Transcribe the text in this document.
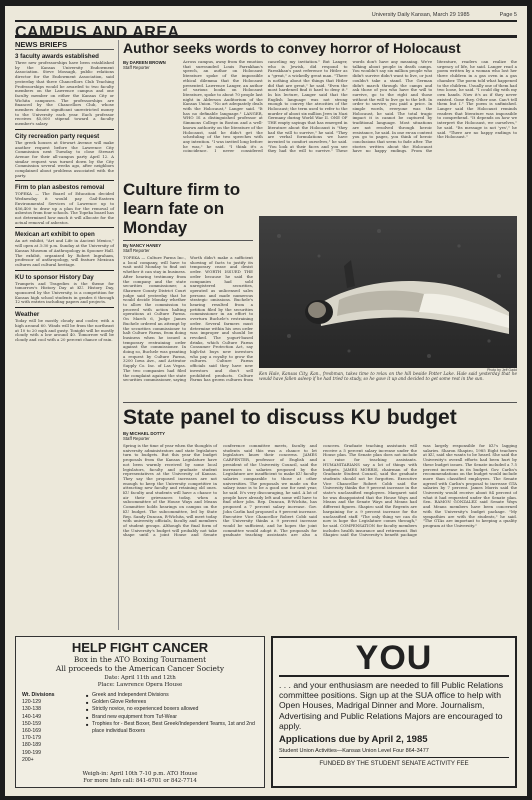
University Daily Kansan, March 29 1985	Page 5
CAMPUS AND AREA
NEWS BRIEFS
3 faculty awards established
Three new professorships have been established by the Kansas University Endowment Association. Steve Mossagh, public relations director for the Endowment Association, said yesterday that three Chancellors Club Teaching Professorships would be awarded to two faculty members on the Lawrence campus and one faculty member on either the Kansas City or Wichita campuses. The professorships are financed by the Chancellors Club, whose members donate significant unrestricted money to the University each year. Each professor receives $5,000 stipend toward a faculty member's salary.
City recreation party request
The greek houses at Stewart Avenue will make another request before the Lawrence City Commission next Tuesday to close Stewart Avenue for their all-campus party April 12. A similar request was turned down by the City Commission several weeks ago, after neighbors complained about problems associated with the party.
Firm to plan asbestos removal
TOPEKA — The Board of Education decided Wednesday it would pay Gail-Eastern Environmental Services of Lawrence up to $56,400 to draw up a plan for the removal of asbestos from four schools. The Topeka board has not determined how much it will allocate for the actual removal of asbestos.
Mexican art exhibit to open
An art exhibit, "Art and Life in Ancient Mexico," will open at 3:30 p.m. Sunday at the University of Kansas Museum of Anthropology in Spooner Hall. The exhibit, organized by Robert Ingraham, professor of anthropology, will feature Mexican cultures and cultural heritage.
KU to sponsor History Day
Trumpets and Tragedies is the theme for tomorrow's History Day at KU. History Day, sponsored by the University, is a competition for Kansas high school students in grades 6 through 12 with entries including papers and projects.
Weather
Today will be mostly cloudy and cooler, with a high around 60. Winds will be from the northeast at 10 to 20 mph and gusty. Tonight will be mostly cloudy with a low around 40. Tomorrow will be cloudy and cool with a 20 percent chance of rain.
Author seeks words to convey horror of Holocaust
By DAREEN BROWN
Staff Reporter
Across campus, away from the emotion that surrounded Louis Farrakhan's speech, an author on Holocaust literature spoke of the impossible ethical dilemma that the Holocaust presented. Lawrence Langer, an author of various books on Holocaust literature, spoke to about 70 people last night in Alderson Auditorium of the Kansas Union. "No art adequately deals with the Holocaust," Langer said. "It has no definable language." LANGER, WHO IS a distinguished professor at Simmons College in Boston and a well-known authority on the literature of the Holocaust, said he didn't get the scheduling of the two speeches with any intention. "I was invited long before he was," he said. "I think it's a coincidence. I never considered canceling my invitation." But Langer, who is Jewish, did respond to Farrakhan's past reference to Hitler as a "great," a wickedly great man. "There is nothing about the things that Hitler did that are great," he said. "Even the most hardened find it hard to deny it." In his lecture, Langer said that the English language was not strong enough to convey the atrocities of the Holocaust; the term used to refer to the murder of about six million Jews in Nazi Germany during World War II. ONE OF THE empty sayings that has emerged in literature about the Holocaust is "they had the will to survive," he said. "They are verbal formulations we have invented to comfort ourselves," he said. "You look at their faces and you see they had the will to survive." These words don't have any meaning. We're talking about people in death camps. You wouldn't say six million people who didn't survive didn't want to live, or just couldn't take a stand. The German didn't march through the camps and ask those of you who have the will to survive, go to the right and those without the will to live go to the left. In order to survive, you paid a price. In simple words, everyone was the Holocaust, he said. The total tragic impact it is cannot be captured by traditional language. Most situations are not resolved through heroic resistance, he said. In one ex-an content you go to pages, you think of heroic conclusions that seem to fade after. The stories written about the Holocaust have no happy endings. From the literature, readers can realize the urgency of life, he said. Langer read a poem written by a woman who lost her three children in a gas oven in a gas chamber. The poem told what happened to the children. Usually one of them had two loose, he said. "I could dig with my own hands. Now it's as if they never existed. Gone they. Other one. Can't tell them but I." The poem is unfinished. Langer said the Holocaust reminds readers that literature was impossible to comprehend. "It depends on how we interpret the Holocaust, we ourselves," he said. "Its message is not 'yes'," he said. "There are no happy endings to the Holocaust."
Culture firm to learn fate on Monday
By NANCY HANEY
Staff Reporter
TOPEKA — Culture Farms Inc., a local company, will have to wait until Monday to find out whether it can stay in business. After hearing testimony from the company and the state securities commissioner, a Shawnee County District Court judge said yesterday that he would decide Monday whether to allow the commission to proceed with action halting operations at Culture Farms. On March 6, Judge James Buchele ordered an attempt by the securities commissioner to halt Culture Farms, from doing business when he issued a temporary restraining order against the commissioner. In doing so, Buchele was granting a request by Culture Farms, 3200 Iowa Ave., and Activator Supply Co. Inc. of Las Vegas. The two companies had filed the complaint against the state securities commissioner, saying Worth didn't make a sufficient showing of facts to justify its temporary cease and desist order. WORTH ISSUED THE order because he said the companies had sold unregistered securities, operated as unlicensed sales persons and made numerous strategic omissions. Buchele's hearing resulted from a petition filed by the securities commissioner in an effort to overturn Buchele's restraining order. Several farmers must determine within his own order was improper and should be revoked. The yogurt-based drinks, which Culture Farms Consumer Protection Act, say high-fat buys new investors who pay a royalty to grow the cultures. Culture Farms officials said they have new investors and don't sell prohibited products. Culture Farms has grown cultures from
Photo by Jeff Gadd
Ken Hale, Kansas City, Kan., freshman, takes time to relax on the hill beside Potter Lake. Hale said yesterday that he would have fallen asleep if he had tried to study, so he gave it up and decided to get some rest in the sun.
State panel to discuss KU budget
By MICHAEL DOTTY
Staff Reporter
Spring is the time of year when the thoughts of university administrators and state legislators turn to budgets. But this year the budget proposals from the Kansas Legislature have not been warmly received by some local legislators, faculty and graduate student representatives at the University of Kansas. They say the proposed increases are not enough to keep the University competitive in attracting new faculty and retaining old ones. KU faculty and students will have a chance to air their grievances today, when a subcommittee of the House Ways and Means Committee holds hearings on campus on the KU budget. The subcommittee, led by State Rep. Sandy Duncan, R-Wichita, will meet today with university officials, faculty and members of student groups. Although the final form of the University's budget will probably not take shape until a joint House and Senate conference committee meets, faculty and students said this was a chance to let legislators know their concerns. JAMES CARPENTER, professor of English and president of the University Council, said the increases in salaries proposed by the Legislature are insufficient to make KU faculty salaries comparable to those at other universities. The proposals we made on the salary issue is to be a good one for next year, he said. It's very discouraging, he said. A lot of people have already left and some will have to find other jobs. Rep. Duncan, R-Wichita, has proposed a 7 percent salary increase. Gov. John Carlin had proposed a 9 percent increase. Executive Vice Chancellor Robert Cobb said the University thinks a 9 percent increase would be sufficient, and he hopes the joint committee would adopt it. The proposals for graduate teaching assistants are also a concern. Graduate teaching assistants will receive a 5 percent salary increase under the House plan. The Senate plan does not include a raise for teaching assistants. HUMANITARIANS say a lot of things with budgets. JAMES MORRIS, chairman of the Graduate Student Council, said the graduate students should not be forgotten. Executive Vice Chancellor Robert Cobb said the University thinks the 9 percent increase in the state's unclassified employees. Margaret said he was disappointed that the House Ways and Means and the Senate Ways and Means had different figures. Shapiro said the Regents are bargaining for a 9 percent increase for the unclassified staff. "The only thing we can do now is hope the Legislature comes through," he said. COMPENSATION for faculty members includes health insurance and retirement. But Shapiro said the University's benefit package was largely responsible for KU's lagging salaries. Sharon Shapiro, 1985 Eight teachers at KU, said she wants to be heard. She said the University's overall efforts had been hurt by these budget issues. The Senate included a 7.5 percent increase in its budget. Gov. Carlin's recommendations on the budget would include more than classified employees. The Senate agreed with Carlin's proposal to increase GTA salaries by 7 percent. James Morris said the University would receive about 84 percent of what it had requested under the Senate plan. Sen. RAMON GONZALEZ said Senate Ways and Means members have been concerned with the University's budget package. "My sympathies are with the students," he said. "The GTAs are important to keeping a quality program at the University."
HELP FIGHT CANCER
Box in the ATO Boxing Tournament
All proceeds to the American Cancer Society
Date: April 11th and 12th
Place: Lawrence Opera House
Wt. Divisions
120-129
130-138
140-149
150-159
160-169
170-179
180-189
190-199
200+
■ Greek and Independent Divisions
■ Golden Glove Referees
■ Strictly novice, no experienced boxers allowed
■ Brand new equipment from Tuf-Wear
■ Trophies for - Best Boxer, Best Greek/Independent Teams, 1st and 2nd place individual Boxers
Weigh-in: April 10th 7-10 p.m. ATO House
For more Info call: 841-6701 or 842-7714
YOU
. . . and your enthusiasm are needed to fill Public Relations committee positions. Sign up at the SUA office to help with Open Houses, Madrigal Dinner and More. Journalism, Advertising and Public Relations Majors are encouraged to apply.
Applications due by April 2, 1985
Student Union Activities—Kansas Union Level Four 864-3477
FUNDED BY THE STUDENT SENATE ACTIVITY FEE
